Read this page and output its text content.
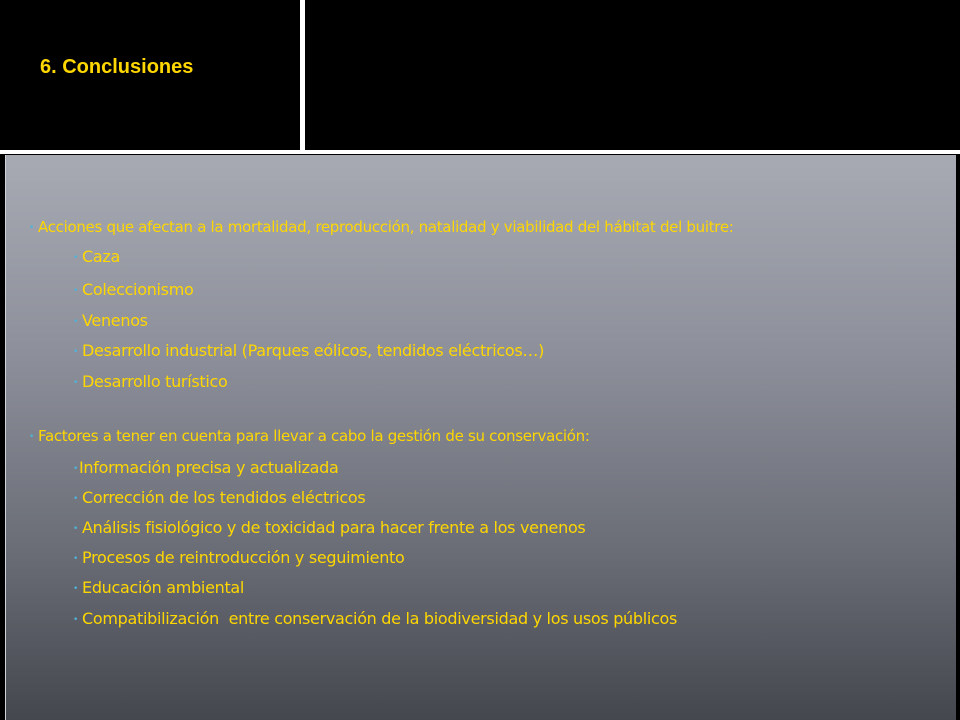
6. Conclusiones
• Acciones que afectan a la mortalidad, reproducción, natalidad y viabilidad del hábitat del buitre:
• Caza
• Coleccionismo
• Venenos
• Desarrollo industrial (Parques eólicos, tendidos eléctricos…)
• Desarrollo turístico
• Factores a tener en cuenta para llevar a cabo la gestión de su conservación:
•Información precisa y actualizada
• Corrección de los tendidos eléctricos
• Análisis fisiológico y de toxicidad para hacer frente a los venenos
• Procesos de reintroducción y seguimiento
• Educación ambiental
• Compatibilización  entre conservación de la biodiversidad y los usos públicos
